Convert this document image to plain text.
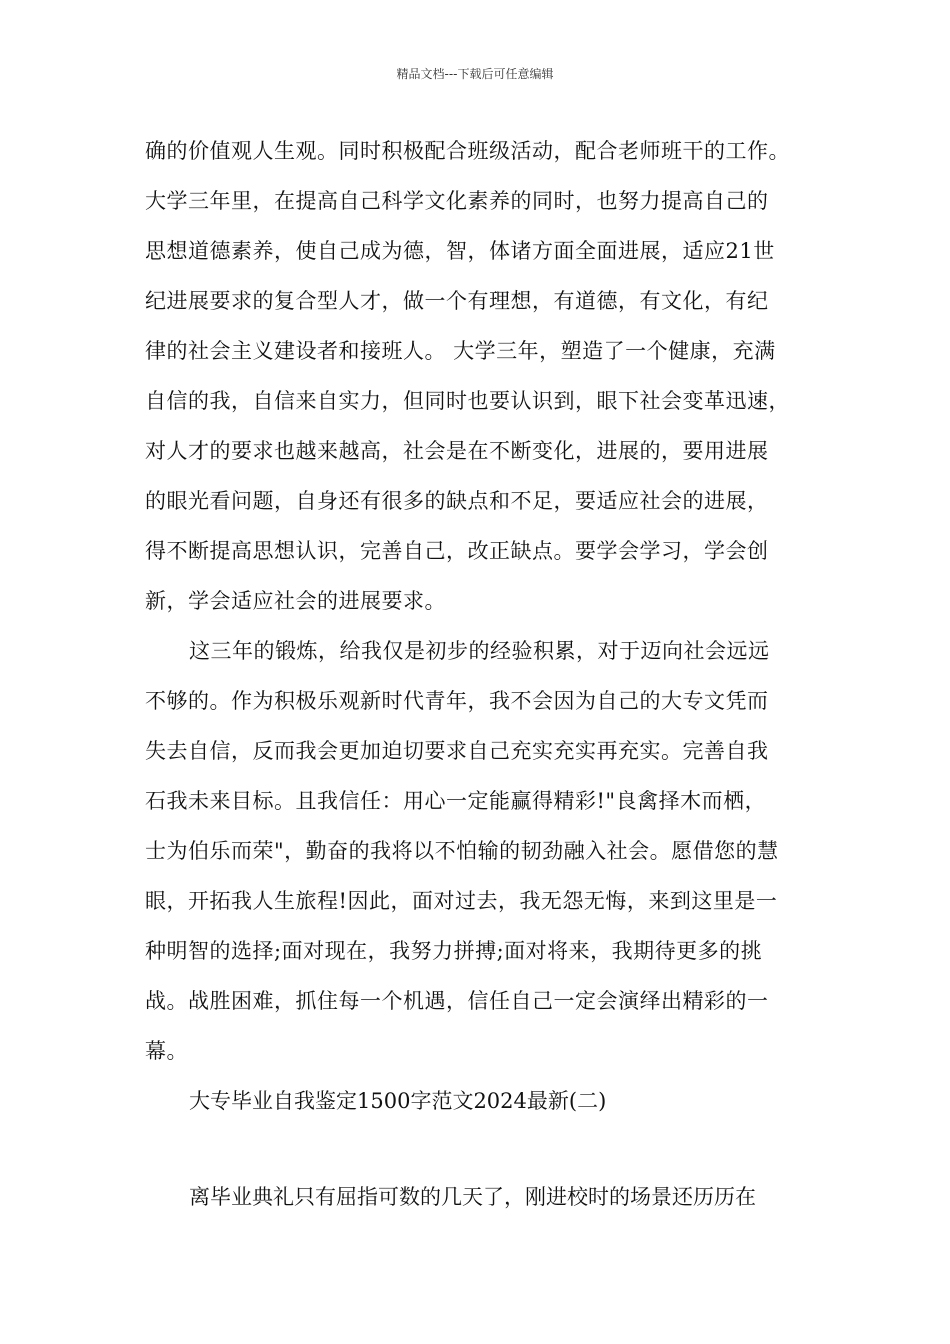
精品文档---下载后可任意编辑
确的价值观人生观。同时积极配合班级活动，配合老师班干的工作。
大学三年里，在提高自己科学文化素养的同时，也努力提高自己的
思想道德素养，使自己成为德，智，体诸方面全面进展，适应21世
纪进展要求的复合型人才，做一个有理想，有道德，有文化，有纪
律的社会主义建设者和接班人。 大学三年，塑造了一个健康，充满
自信的我，自信来自实力，但同时也要认识到，眼下社会变革迅速，
对人才的要求也越来越高，社会是在不断变化，进展的，要用进展
的眼光看问题，自身还有很多的缺点和不足，要适应社会的进展，
得不断提高思想认识，完善自己，改正缺点。要学会学习，学会创
新，学会适应社会的进展要求。
这三年的锻炼，给我仅是初步的经验积累，对于迈向社会远远
不够的。作为积极乐观新时代青年，我不会因为自己的大专文凭而
失去自信，反而我会更加迫切要求自己充实充实再充实。完善自我
石我未来目标。且我信任：用心一定能赢得精彩!"良禽择木而栖，
士为伯乐而荣"，勤奋的我将以不怕输的韧劲融入社会。愿借您的慧
眼，开拓我人生旅程!因此，面对过去，我无怨无悔，来到这里是一
种明智的选择;面对现在，我努力拼搏;面对将来，我期待更多的挑
战。战胜困难，抓住每一个机遇，信任自己一定会演绎出精彩的一
幕。
大专毕业自我鉴定1500字范文2024最新(二)
离毕业典礼只有屈指可数的几天了，刚进校时的场景还历历在
